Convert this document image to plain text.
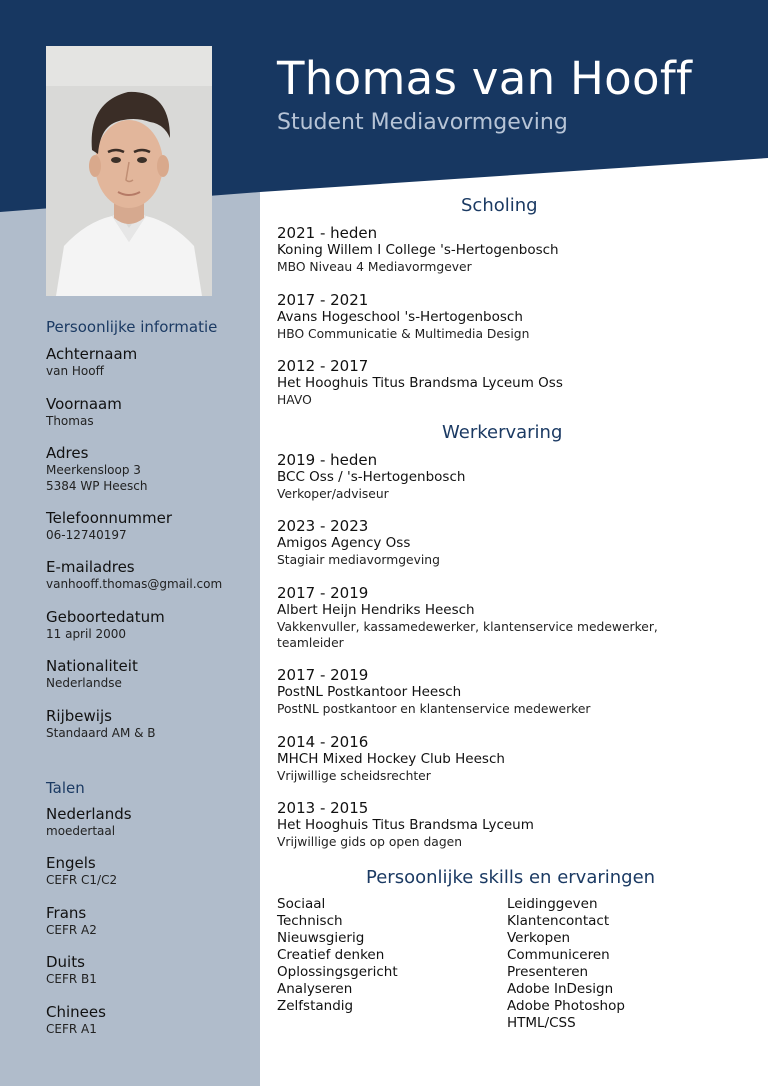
Thomas van Hooff
Student Mediavormgeving
Persoonlijke informatie
Achternaam
van Hooff
Voornaam
Thomas
Adres
Meerkensloop 3
5384 WP Heesch
Telefoonnummer
06-12740197
E-mailadres
vanhooff.thomas@gmail.com
Geboortedatum
11 april 2000
Nationaliteit
Nederlandse
Rijbewijs
Standaard AM & B
Talen
Nederlands
moedertaal
Engels
CEFR C1/C2
Frans
CEFR A2
Duits
CEFR B1
Chinees
CEFR A1
Scholing
2021 - heden
Koning Willem I College 's-Hertogenbosch
MBO Niveau 4 Mediavormgever
2017 - 2021
Avans Hogeschool 's-Hertogenbosch
HBO Communicatie & Multimedia Design
2012 - 2017
Het Hooghuis Titus Brandsma Lyceum Oss
HAVO
Werkervaring
2019 - heden
BCC Oss / 's-Hertogenbosch
Verkoper/adviseur
2023 - 2023
Amigos Agency Oss
Stagiair mediavormgeving
2017 - 2019
Albert Heijn Hendriks Heesch
Vakkenvuller, kassamedewerker, klantenservice medewerker, teamleider
2017 - 2019
PostNL Postkantoor Heesch
PostNL postkantoor en klantenservice medewerker
2014 - 2016
MHCH Mixed Hockey Club Heesch
Vrijwillige scheidsrechter
2013 - 2015
Het Hooghuis Titus Brandsma Lyceum
Vrijwillige gids op open dagen
Persoonlijke skills en ervaringen
Sociaal
Technisch
Nieuwsgierig
Creatief denken
Oplossingsgericht
Analyseren
Zelfstandig
Leidinggeven
Klantencontact
Verkopen
Communiceren
Presenteren
Adobe InDesign
Adobe Photoshop
HTML/CSS
